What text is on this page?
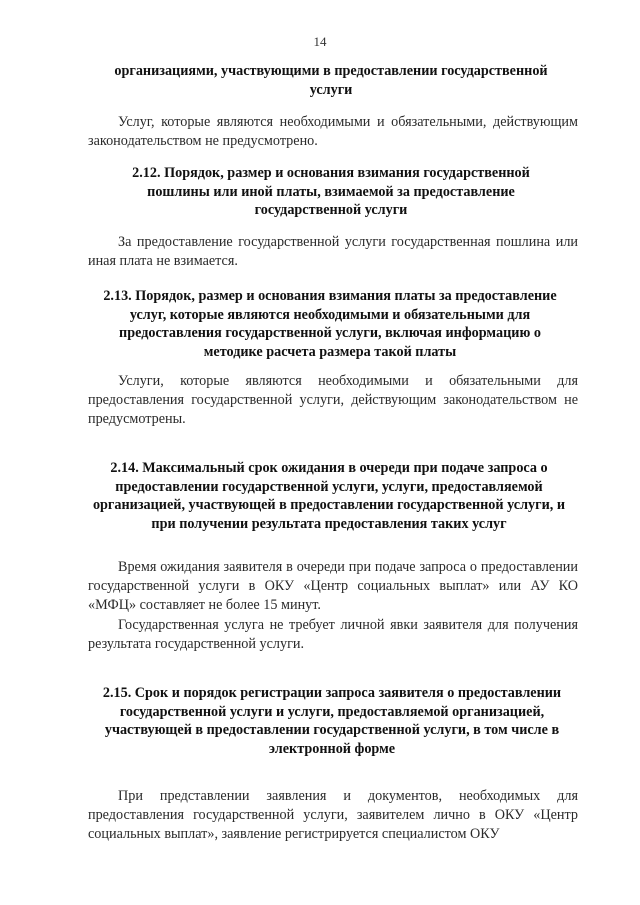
14
организациями, участвующими в предоставлении государственной услуги
Услуг, которые являются необходимыми и обязательными, действующим законодательством не предусмотрено.
2.12. Порядок, размер и основания взимания государственной пошлины или иной платы, взимаемой за предоставление государственной услуги
За предоставление государственной услуги государственная пошлина или иная плата не взимается.
2.13. Порядок, размер и основания взимания платы за предоставление услуг, которые являются необходимыми и обязательными для предоставления государственной услуги, включая информацию о методике расчета размера такой платы
Услуги, которые являются необходимыми и обязательными для предоставления государственной услуги, действующим законодательством не предусмотрены.
2.14. Максимальный срок ожидания в очереди при подаче запроса о предоставлении государственной услуги, услуги, предоставляемой организацией, участвующей в предоставлении государственной услуги, и при получении результата предоставления таких услуг
Время ожидания заявителя в очереди при подаче запроса о предоставлении государственной услуги в ОКУ «Центр социальных выплат» или АУ КО «МФЦ» составляет не более 15 минут.
Государственная услуга не требует личной явки заявителя для получения результата государственной услуги.
2.15. Срок и порядок регистрации запроса заявителя о предоставлении государственной услуги и услуги, предоставляемой организацией, участвующей в предоставлении государственной услуги, в том числе в электронной форме
При представлении заявления и документов, необходимых для предоставления государственной услуги, заявителем лично в ОКУ «Центр социальных выплат», заявление регистрируется специалистом ОКУ
